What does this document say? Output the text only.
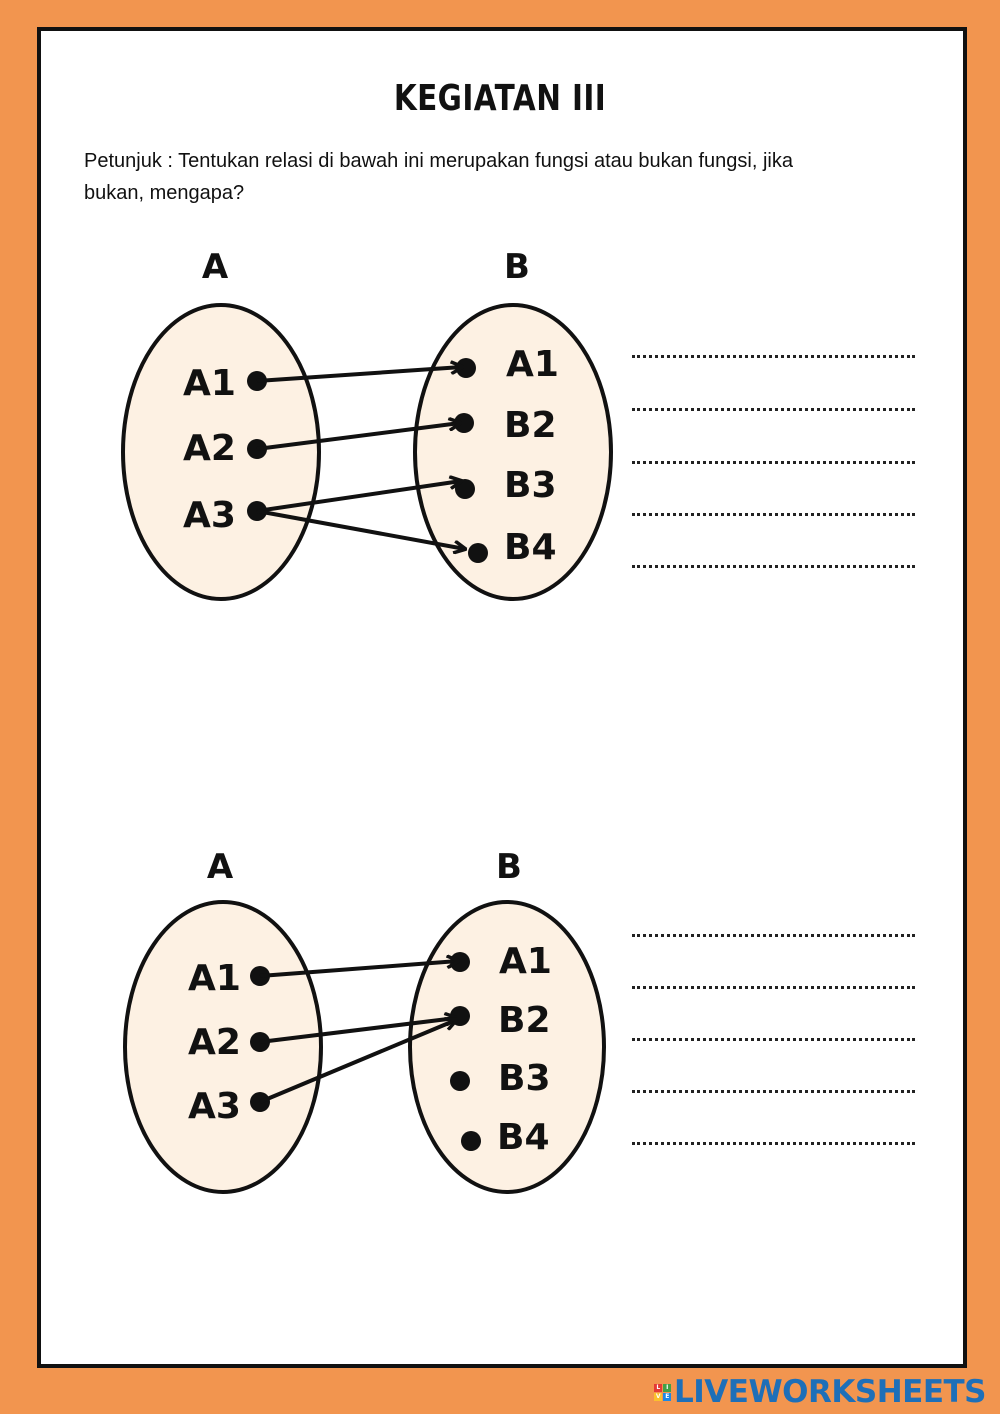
KEGIATAN III
Petunjuk : Tentukan relasi di bawah ini merupakan fungsi atau bukan fungsi, jika bukan, mengapa?
A	B
A1
A2
A3
A1
B2
B3
B4
A	B
A1
A2
A3
A1
B2
B3
B4
L	I
V E LIVEWORKSHEETS
